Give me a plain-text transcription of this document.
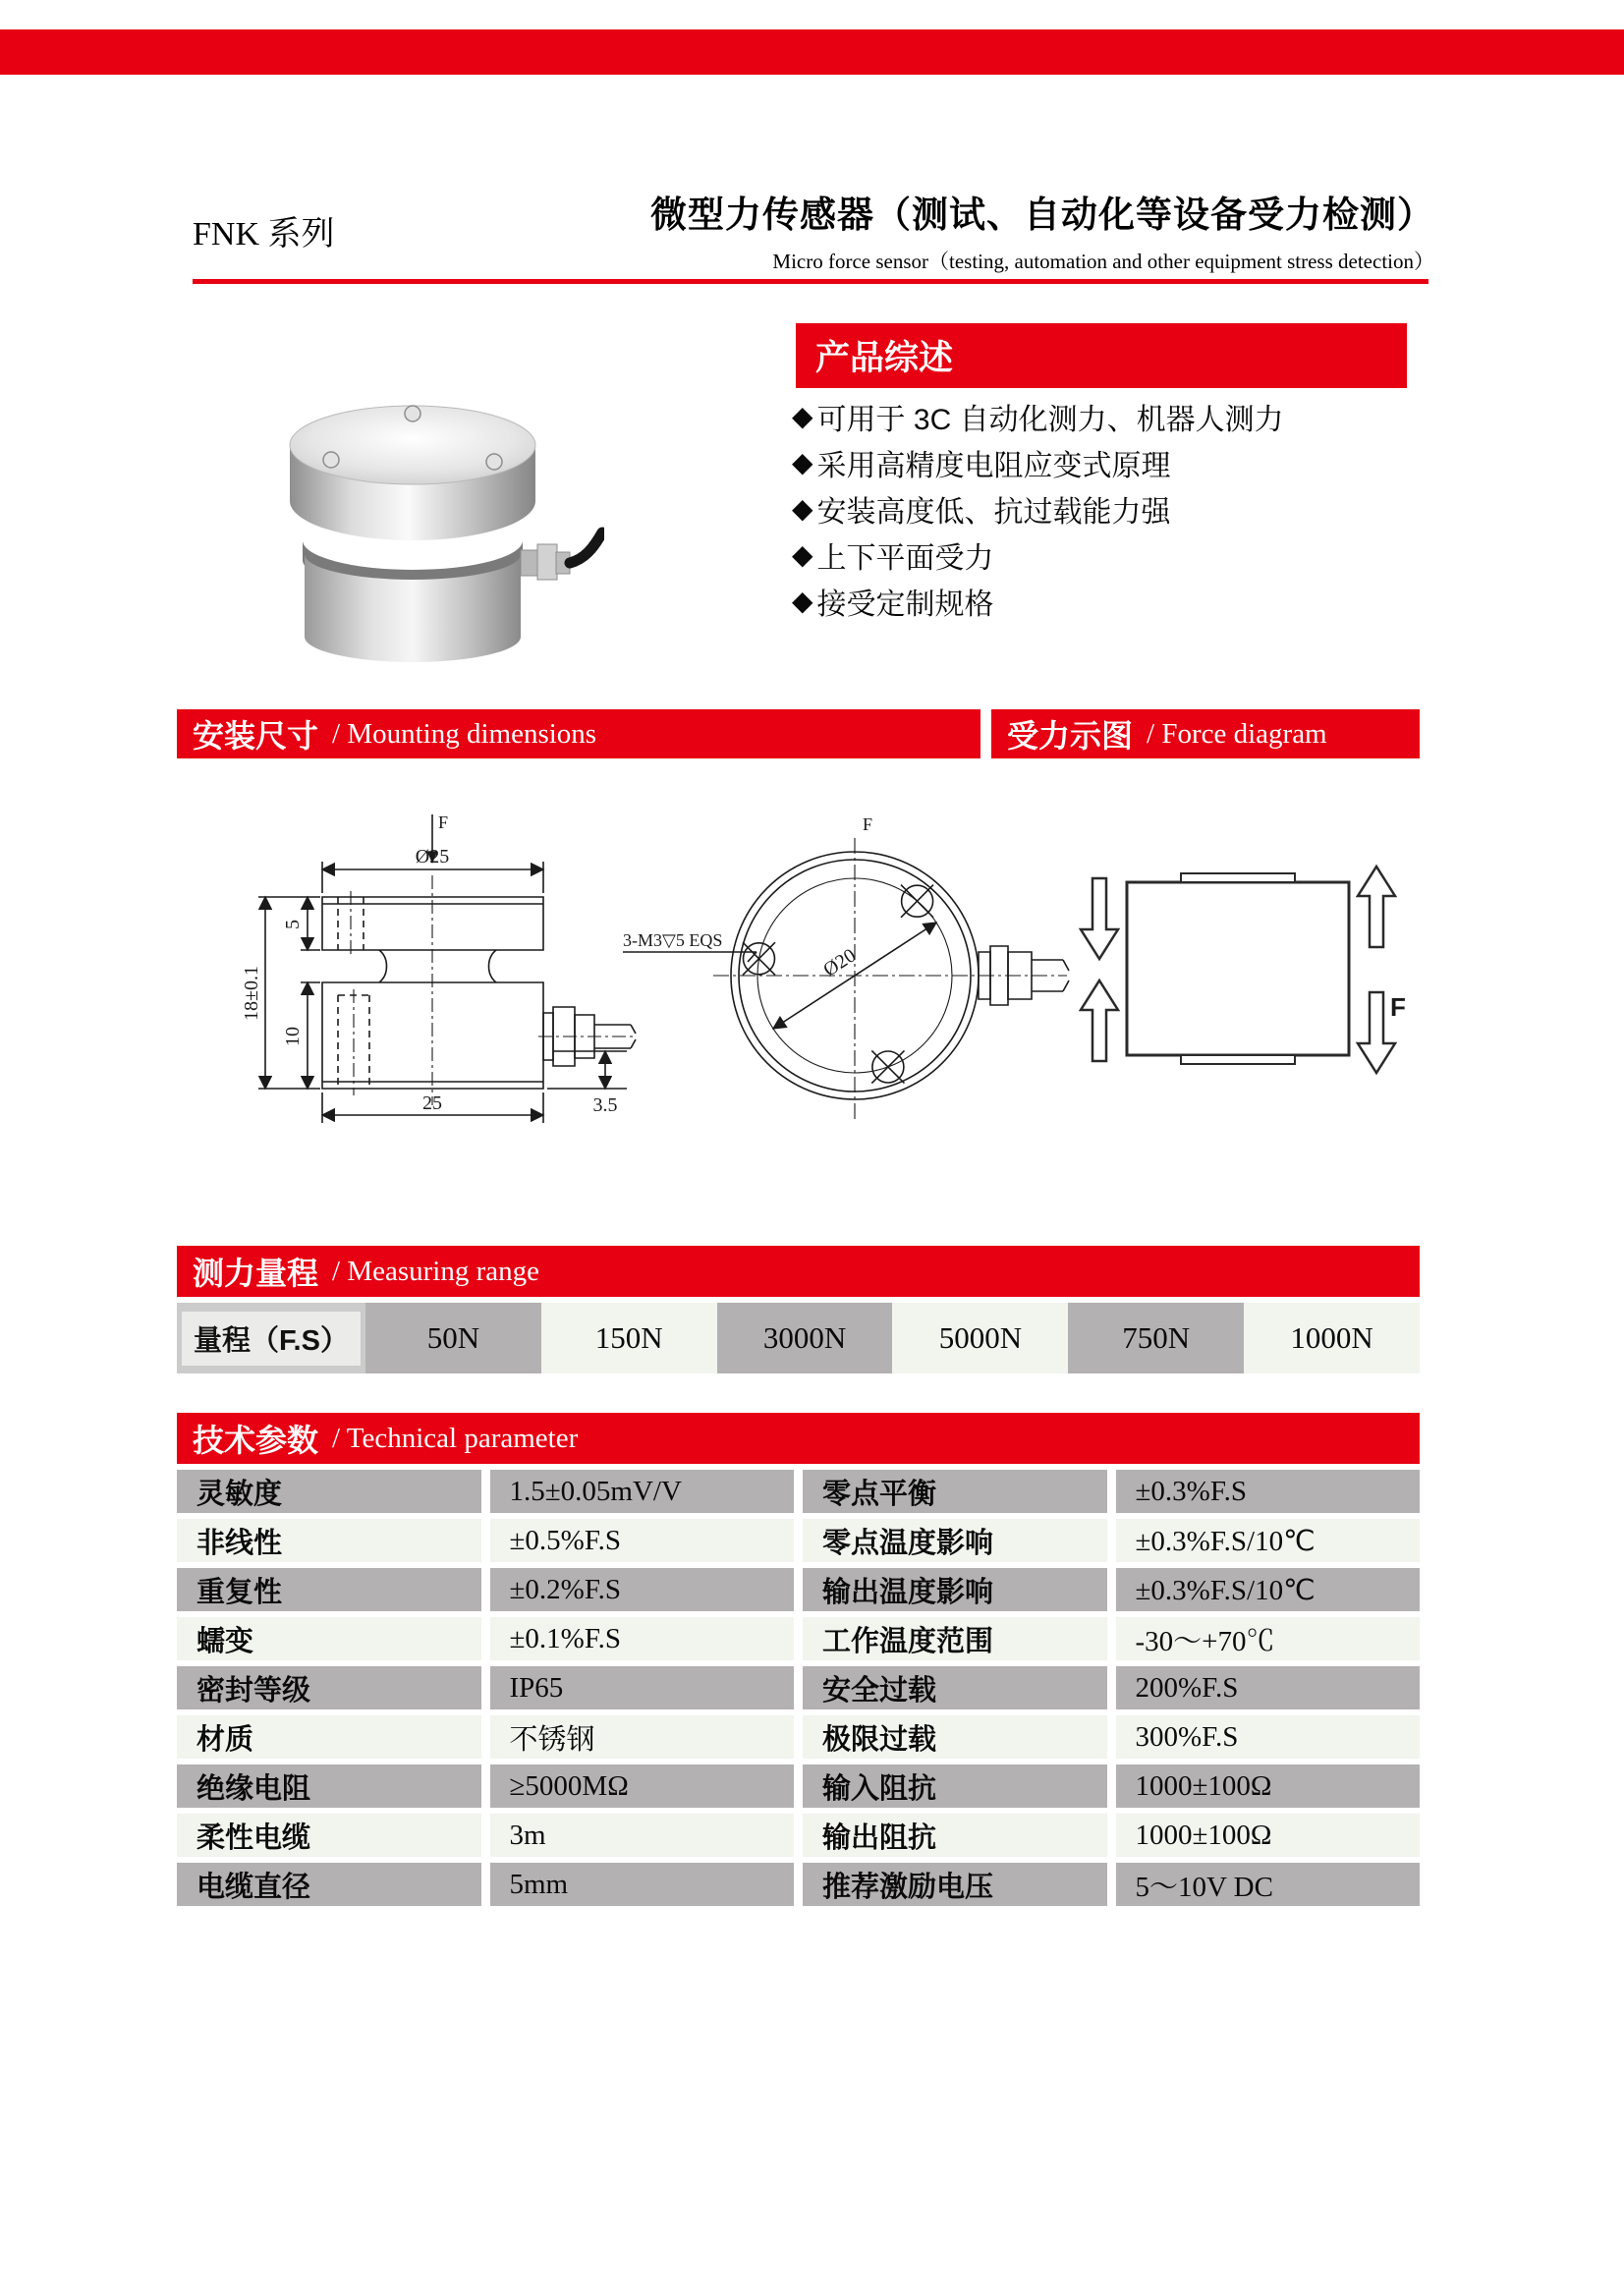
FNK 系列	微型力传感器（测试、自动化等设备受力检测）
Micro force sensor（testing, automation and other equipment stress detection）
产品综述
◆ 可用于 3C 自动化测力、机器人测力
◆ 采用高精度电阻应变式原理
◆ 安装高度低、抗过载能力强
◆ 上下平面受力
◆ 接受定制规格
安装尺寸 / Mounting dimensions	受力示图 / Force diagram
F
Ø25
18±0.1
5
10
25	3.5
F
3-M3▽5 EQS
Ø20
F
测力量程 / Measuring range
量程（F.S）	50N	150N	3000N	5000N	750N	1000N
技术参数 / Technical parameter
灵敏度	1.5±0.05mV/V	零点平衡	±0.3%F.S
非线性	±0.5%F.S	零点温度影响	±0.3%F.S/10℃
重复性	±0.2%F.S	输出温度影响	±0.3%F.S/10℃
蠕变	±0.1%F.S	工作温度范围	-30～+70℃
密封等级	IP65	安全过载	200%F.S
材质	不锈钢	极限过载	300%F.S
绝缘电阻	≥5000MΩ	输入阻抗	1000±100Ω
柔性电缆	3m	输出阻抗	1000±100Ω
电缆直径	5mm	推荐激励电压	5～10V DC
